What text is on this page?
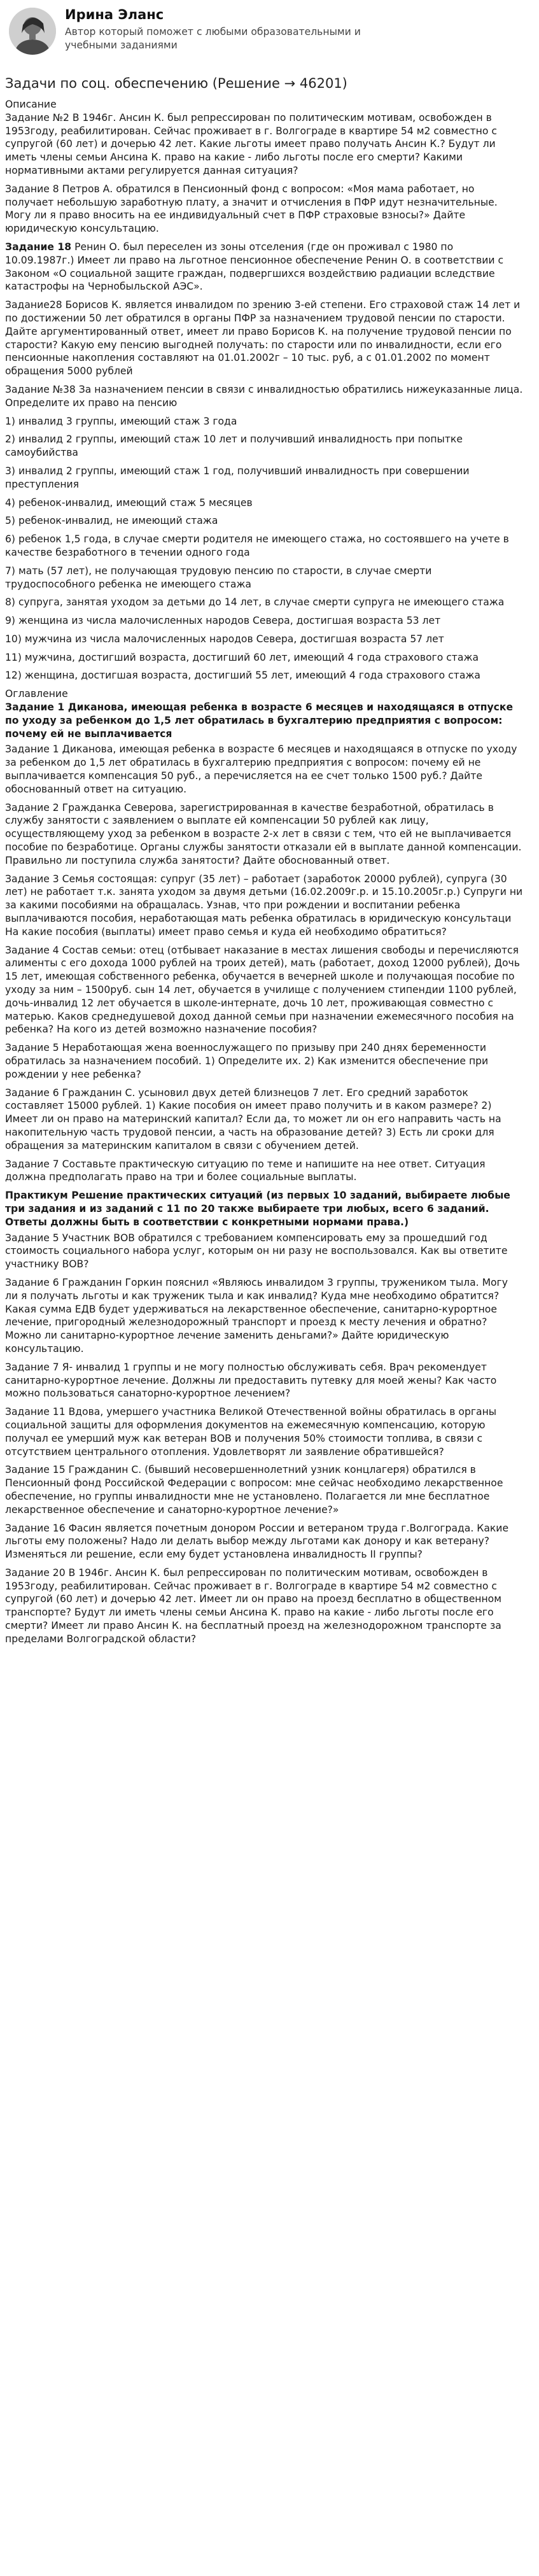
Ирина Эланс
Автор который поможет с любыми образовательными и учебными заданиями
Задачи по соц. обеспечению (Решение → 46201)
Описание
Задание №2 В 1946г. Ансин К. был репрессирован по политическим мотивам, освобожден в 1953году, реабилитирован. Сейчас проживает в г. Волгограде в квартире 54 м2 совместно с супругой (60 лет) и дочерью 42 лет. Какие льготы имеет право получать Ансин К.? Будут ли иметь члены семьи Ансина К. право на какие - либо льготы после его смерти? Какими нормативными актами регулируется данная ситуация?
Задание 8 Петров А. обратился в Пенсионный фонд с вопросом: «Моя мама работает, но получает небольшую заработную плату, а значит и отчисления в ПФР идут незначительные. Могу ли я право вносить на ее индивидуальный счет в ПФР страховые взносы?» Дайте юридическую консультацию.
Задание 18 Ренин О. был переселен из зоны отселения (где он проживал с 1980 по 10.09.1987г.) Имеет ли право на льготное пенсионное обеспечение Ренин О. в соответствии с Законом «О социальной защите граждан, подвергшихся воздействию радиации вследствие катастрофы на Чернобыльской АЭС».
Задание28 Борисов К. является инвалидом по зрению 3-ей степени. Его страховой стаж 14 лет и по достижении 50 лет обратился в органы ПФР за назначением трудовой пенсии по старости. Дайте аргументированный ответ, имеет ли право Борисов К. на получение трудовой пенсии по старости? Какую ему пенсию выгодней получать: по старости или по инвалидности, если его пенсионные накопления составляют на 01.01.2002г – 10 тыс. руб, а с 01.01.2002 по момент обращения 5000 рублей
Задание №38 За назначением пенсии в связи с инвалидностью обратились нижеуказанные лица. Определите их право на пенсию
1) инвалид 3 группы, имеющий стаж 3 года
2) инвалид 2 группы, имеющий стаж 10 лет и получивший инвалидность при попытке самоубийства
3) инвалид 2 группы, имеющий стаж 1 год, получивший инвалидность при совершении преступления
4) ребенок-инвалид, имеющий стаж 5 месяцев
5) ребенок-инвалид, не имеющий стажа
6) ребенок 1,5 года, в случае смерти родителя не имеющего стажа, но состоявшего на учете в качестве безработного в течении одного года
7) мать (57 лет), не получающая трудовую пенсию по старости, в случае смерти трудоспособного ребенка не имеющего стажа
8) супруга, занятая уходом за детьми до 14 лет, в случае смерти супруга не имеющего стажа
9) женщина из числа малочисленных народов Севера, достигшая возраста 53 лет
10) мужчина из числа малочисленных народов Севера, достигшая возраста 57 лет
11) мужчина, достигший возраста, достигший 60 лет, имеющий 4 года страхового стажа
12) женщина, достигшая возраста, достигший 55 лет, имеющий 4 года страхового стажа
Оглавление
Задание 1 Диканова, имеющая ребенка в возрасте 6 месяцев и находящаяся в отпуске по уходу за ребенком до 1,5 лет обратилась в бухгалтерию предприятия с вопросом: почему ей не выплачивается
Задание 1 Диканова, имеющая ребенка в возрасте 6 месяцев и находящаяся в отпуске по уходу за ребенком до 1,5 лет обратилась в бухгалтерию предприятия с вопросом: почему ей не выплачивается компенсация 50 руб., а перечисляется на ее счет только 1500 руб.? Дайте обоснованный ответ на ситуацию.
Задание 2 Гражданка Северова, зарегистрированная в качестве безработной, обратилась в службу занятости с заявлением о выплате ей компенсации 50 рублей как лицу, осуществляющему уход за ребенком в возрасте 2-х лет в связи с тем, что ей не выплачивается пособие по безработице. Органы службы занятости отказали ей в выплате данной компенсации. Правильно ли поступила служба занятости? Дайте обоснованный ответ.
Задание 3 Семья состоящая: супруг (35 лет) – работает (заработок 20000 рублей), супруга (30 лет) не работает т.к. занята уходом за двумя детьми (16.02.2009г.р. и 15.10.2005г.р.) Супруги ни за какими пособиями на обращалась. Узнав, что при рождении и воспитании ребенка выплачиваются пособия, неработающая мать ребенка обратилась в юридическую консультаци На какие пособия (выплаты) имеет право семья и куда ей необходимо обратиться?
Задание 4 Состав семьи: отец (отбывает наказание в местах лишения свободы и перечисляются алименты с его дохода 1000 рублей на троих детей), мать (работает, доход 12000 рублей), Дочь 15 лет, имеющая собственного ребенка, обучается в вечерней школе и получающая пособие по уходу за ним – 1500руб. сын 14 лет, обучается в училище с получением стипендии 1100 рублей, дочь-инвалид 12 лет обучается в школе-интернате, дочь 10 лет, проживающая совместно с матерью. Каков среднедушевой доход данной семьи при назначении ежемесячного пособия на ребенка? На кого из детей возможно назначение пособия?
Задание 5 Неработающая жена военнослужащего по призыву при 240 днях беременности обратилась за назначением пособий. 1) Определите их. 2) Как изменится обеспечение при рождении у нее ребенка?
Задание 6 Гражданин С. усыновил двух детей близнецов 7 лет. Его средний заработок составляет 15000 рублей. 1) Какие пособия он имеет право получить и в каком размере? 2) Имеет ли он право на материнский капитал? Если да, то может ли он его направить часть на накопительную часть трудовой пенсии, а часть на образование детей? 3) Есть ли сроки для обращения за материнским капиталом в связи с обучением детей.
Задание 7 Составьте практическую ситуацию по теме и напишите на нее ответ. Ситуация должна предполагать право на три и более социальные выплаты.
Практикум Решение практических ситуаций (из первых 10 заданий, выбираете любые три задания и из заданий с 11 по 20 также выбираете три любых, всего 6 заданий. Ответы должны быть в соответствии с конкретными нормами права.)
Задание 5 Участник ВОВ обратился с требованием компенсировать ему за прошедший год стоимость социального набора услуг, которым он ни разу не воспользовался. Как вы ответите участнику ВОВ?
Задание 6 Гражданин Горкин пояснил «Являюсь инвалидом 3 группы, тружеником тыла. Могу ли я получать льготы и как труженик тыла и как инвалид? Куда мне необходимо обратится? Какая сумма ЕДВ будет удерживаться на лекарственное обеспечение, санитарно-курортное лечение, пригородный железнодорожный транспорт и проезд к месту лечения и обратно? Можно ли санитарно-курортное лечение заменить деньгами?» Дайте юридическую консультацию.
Задание 7 Я- инвалид 1 группы и не могу полностью обслуживать себя. Врач рекомендует санитарно-курортное лечение. Должны ли предоставить путевку для моей жены? Как часто можно пользоваться санаторно-курортное лечением?
Задание 11 Вдова, умершего участника Великой Отечественной войны обратилась в органы социальной защиты для оформления документов на ежемесячную компенсацию, которую получал ее умерший муж как ветеран ВОВ и получения 50% стоимости топлива, в связи с отсутствием центрального отопления. Удовлетворят ли заявление обратившейся?
Задание 15 Гражданин С. (бывший несовершеннолетний узник концлагеря) обратился в Пенсионный фонд Российской Федерации с вопросом: мне сейчас необходимо лекарственное обеспечение, но группы инвалидности мне не установлено. Полагается ли мне бесплатное лекарственное обеспечение и санаторно-курортное лечение?»
Задание 16 Фасин является почетным донором России и ветераном труда г.Волгограда. Какие льготы ему положены? Надо ли делать выбор между льготами как донору и как ветерану? Изменяться ли решение, если ему будет установлена инвалидность II группы?
Задание 20 В 1946г. Ансин К. был репрессирован по политическим мотивам, освобожден в 1953году, реабилитирован. Сейчас проживает в г. Волгограде в квартире 54 м2 совместно с супругой (60 лет) и дочерью 42 лет. Имеет ли он право на проезд бесплатно в общественном транспорте? Будут ли иметь члены семьи Ансина К. право на какие - либо льготы после его смерти? Имеет ли право Ансин К. на бесплатный проезд на железнодорожном транспорте за пределами Волгоградской области?
